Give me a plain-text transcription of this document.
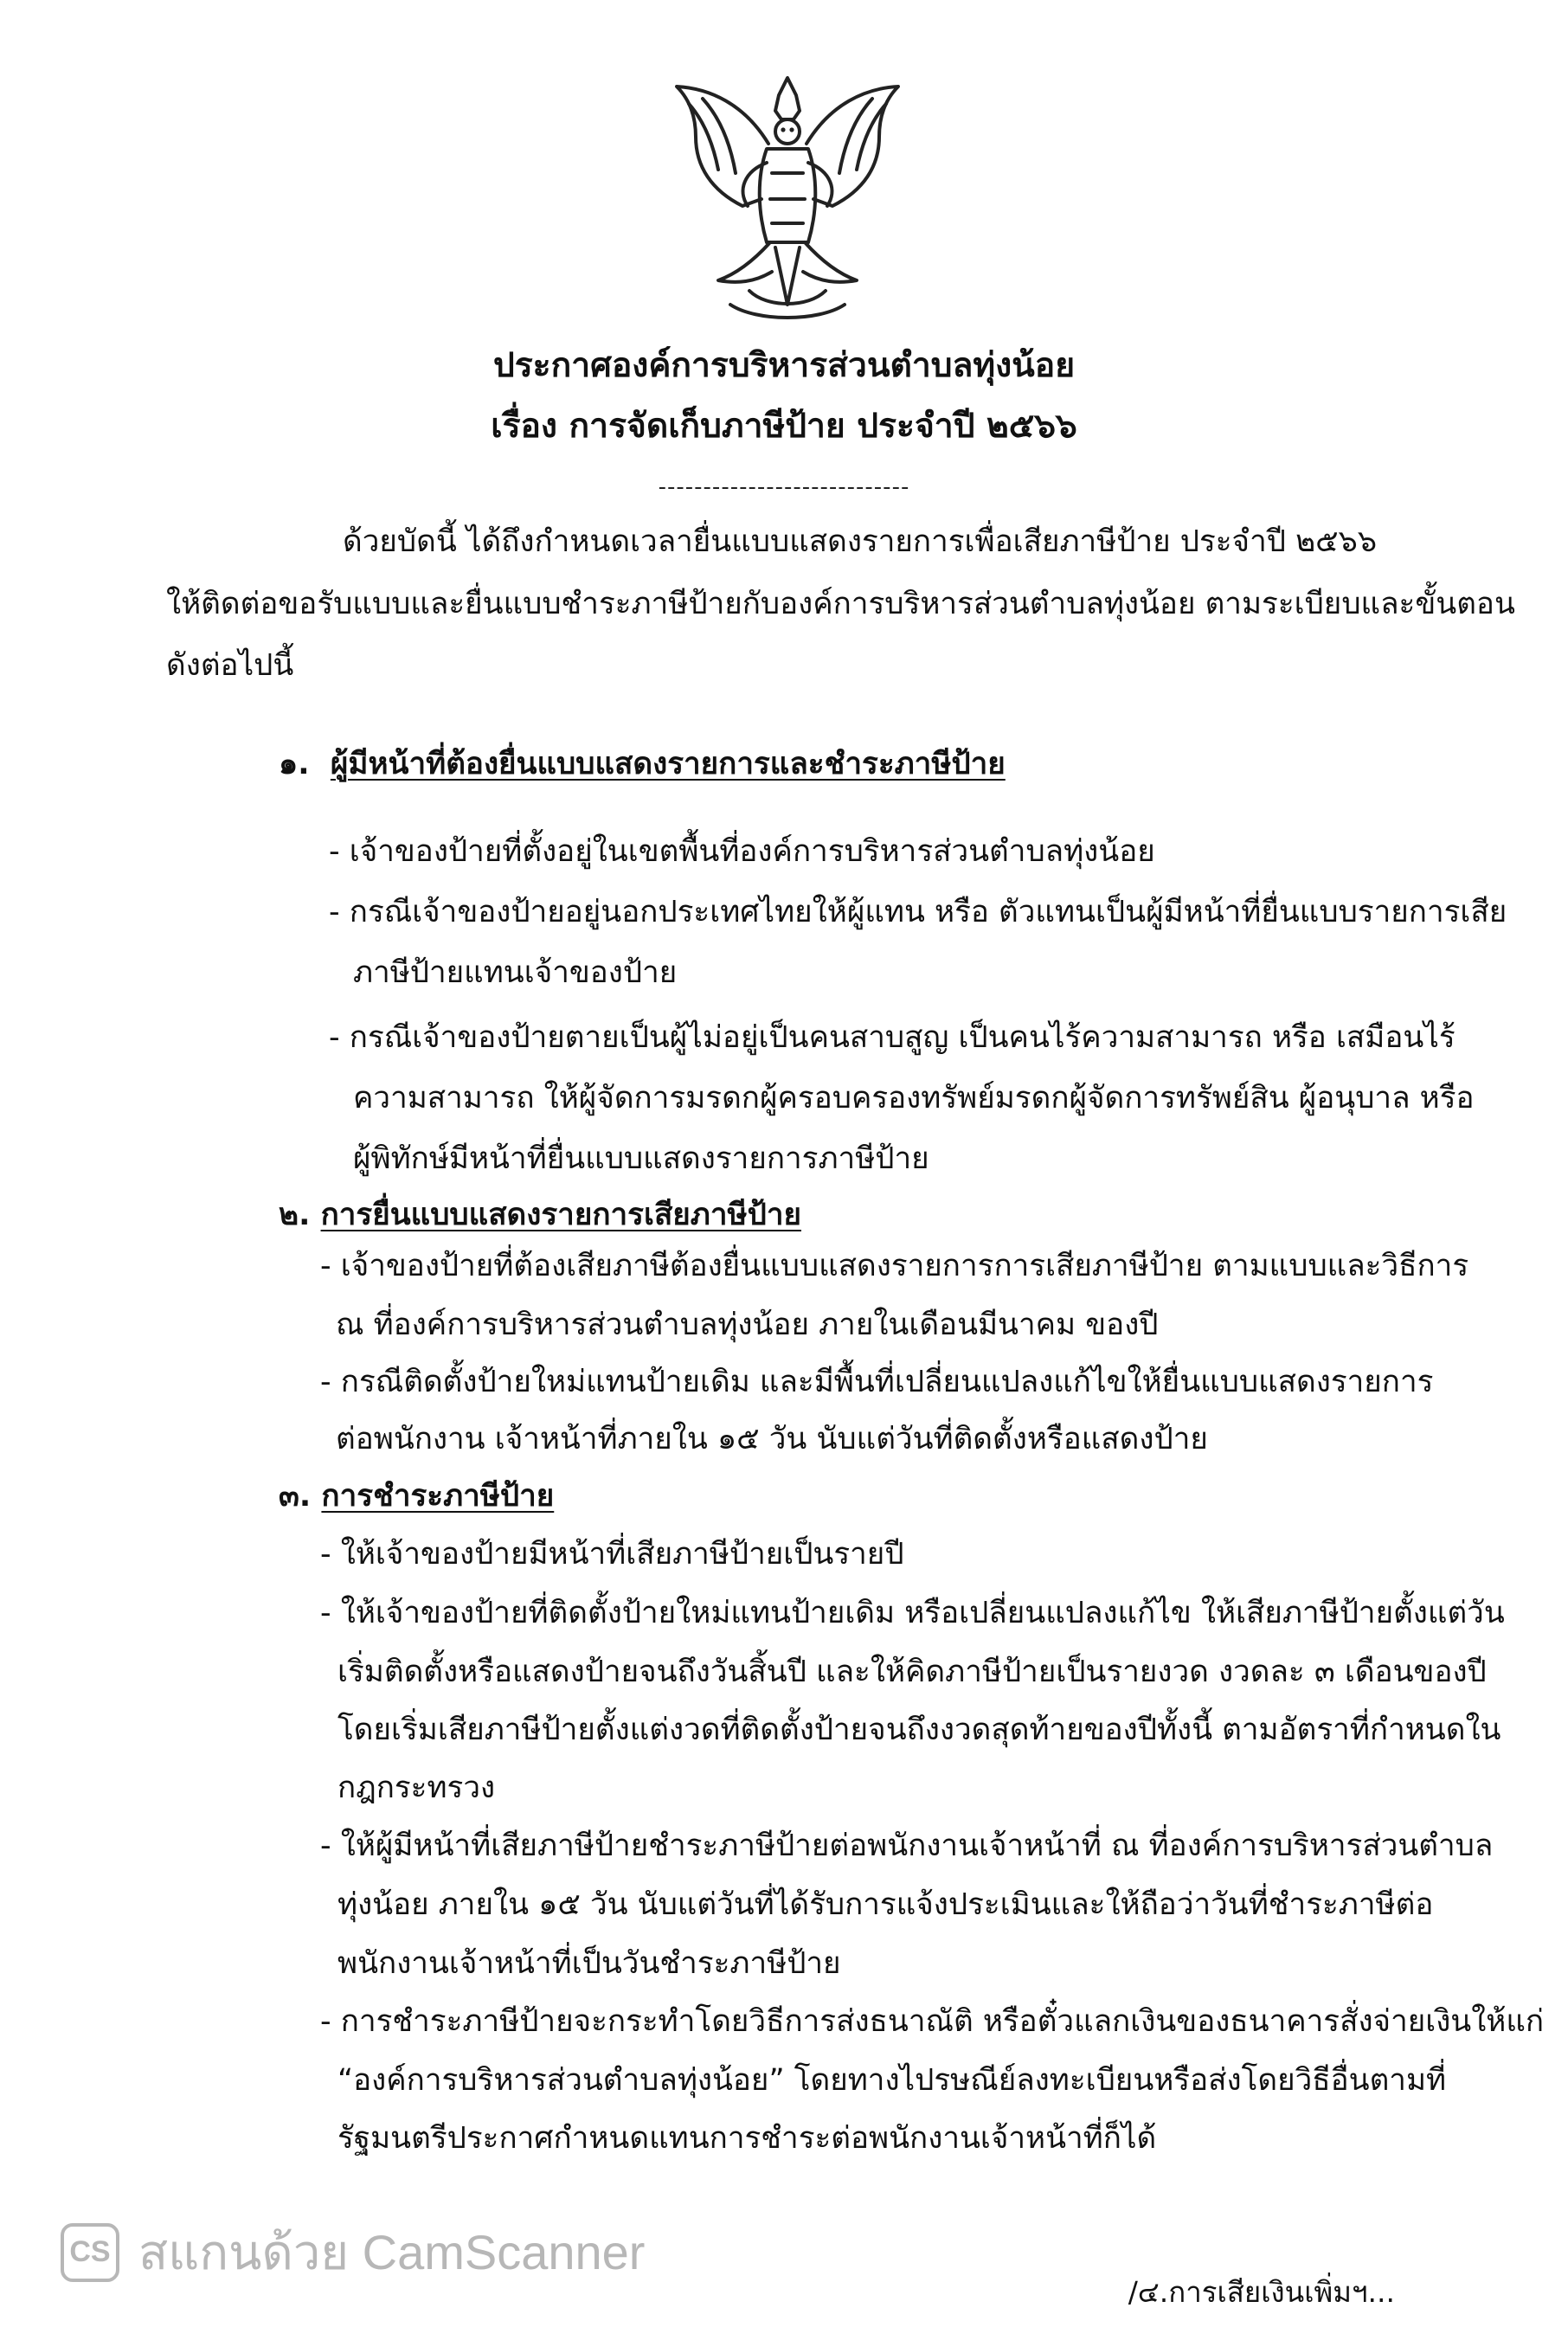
ประกาศองค์การบริหารส่วนตำบลทุ่งน้อย
เรื่อง การจัดเก็บภาษีป้าย ประจำปี ๒๕๖๖
----------------------------
ด้วยบัดนี้ ได้ถึงกำหนดเวลายื่นแบบแสดงรายการเพื่อเสียภาษีป้าย ประจำปี ๒๕๖๖
ให้ติดต่อขอรับแบบและยื่นแบบชำระภาษีป้ายกับองค์การบริหารส่วนตำบลทุ่งน้อย ตามระเบียบและขั้นตอน
ดังต่อไปนี้
๑. ผู้มีหน้าที่ต้องยื่นแบบแสดงรายการและชำระภาษีป้าย
- เจ้าของป้ายที่ตั้งอยู่ในเขตพื้นที่องค์การบริหารส่วนตำบลทุ่งน้อย
- กรณีเจ้าของป้ายอยู่นอกประเทศไทยให้ผู้แทน หรือ ตัวแทนเป็นผู้มีหน้าที่ยื่นแบบรายการเสีย
ภาษีป้ายแทนเจ้าของป้าย
- กรณีเจ้าของป้ายตายเป็นผู้ไม่อยู่เป็นคนสาบสูญ เป็นคนไร้ความสามารถ หรือ เสมือนไร้
ความสามารถ ให้ผู้จัดการมรดกผู้ครอบครองทรัพย์มรดกผู้จัดการทรัพย์สิน ผู้อนุบาล หรือ
ผู้พิทักษ์มีหน้าที่ยื่นแบบแสดงรายการภาษีป้าย
๒. การยื่นแบบแสดงรายการเสียภาษีป้าย
- เจ้าของป้ายที่ต้องเสียภาษีต้องยื่นแบบแสดงรายการการเสียภาษีป้าย ตามแบบและวิธีการ
ณ ที่องค์การบริหารส่วนตำบลทุ่งน้อย ภายในเดือนมีนาคม ของปี
- กรณีติดตั้งป้ายใหม่แทนป้ายเดิม และมีพื้นที่เปลี่ยนแปลงแก้ไขให้ยื่นแบบแสดงรายการ
ต่อพนักงาน เจ้าหน้าที่ภายใน ๑๕ วัน นับแต่วันที่ติดตั้งหรือแสดงป้าย
๓. การชำระภาษีป้าย
- ให้เจ้าของป้ายมีหน้าที่เสียภาษีป้ายเป็นรายปี
- ให้เจ้าของป้ายที่ติดตั้งป้ายใหม่แทนป้ายเดิม หรือเปลี่ยนแปลงแก้ไข ให้เสียภาษีป้ายตั้งแต่วัน
เริ่มติดตั้งหรือแสดงป้ายจนถึงวันสิ้นปี และให้คิดภาษีป้ายเป็นรายงวด งวดละ ๓ เดือนของปี
โดยเริ่มเสียภาษีป้ายตั้งแต่งวดที่ติดตั้งป้ายจนถึงงวดสุดท้ายของปีทั้งนี้ ตามอัตราที่กำหนดใน
กฎกระทรวง
- ให้ผู้มีหน้าที่เสียภาษีป้ายชำระภาษีป้ายต่อพนักงานเจ้าหน้าที่ ณ ที่องค์การบริหารส่วนตำบล
ทุ่งน้อย ภายใน ๑๕ วัน นับแต่วันที่ได้รับการแจ้งประเมินและให้ถือว่าวันที่ชำระภาษีต่อ
พนักงานเจ้าหน้าที่เป็นวันชำระภาษีป้าย
- การชำระภาษีป้ายจะกระทำโดยวิธีการส่งธนาณัติ หรือตั๋วแลกเงินของธนาคารสั่งจ่ายเงินให้แก่
“องค์การบริหารส่วนตำบลทุ่งน้อย” โดยทางไปรษณีย์ลงทะเบียนหรือส่งโดยวิธีอื่นตามที่
รัฐมนตรีประกาศกำหนดแทนการชำระต่อพนักงานเจ้าหน้าที่ก็ได้
CS สแกนด้วย CamScanner
/๔.การเสียเงินเพิ่มฯ...
